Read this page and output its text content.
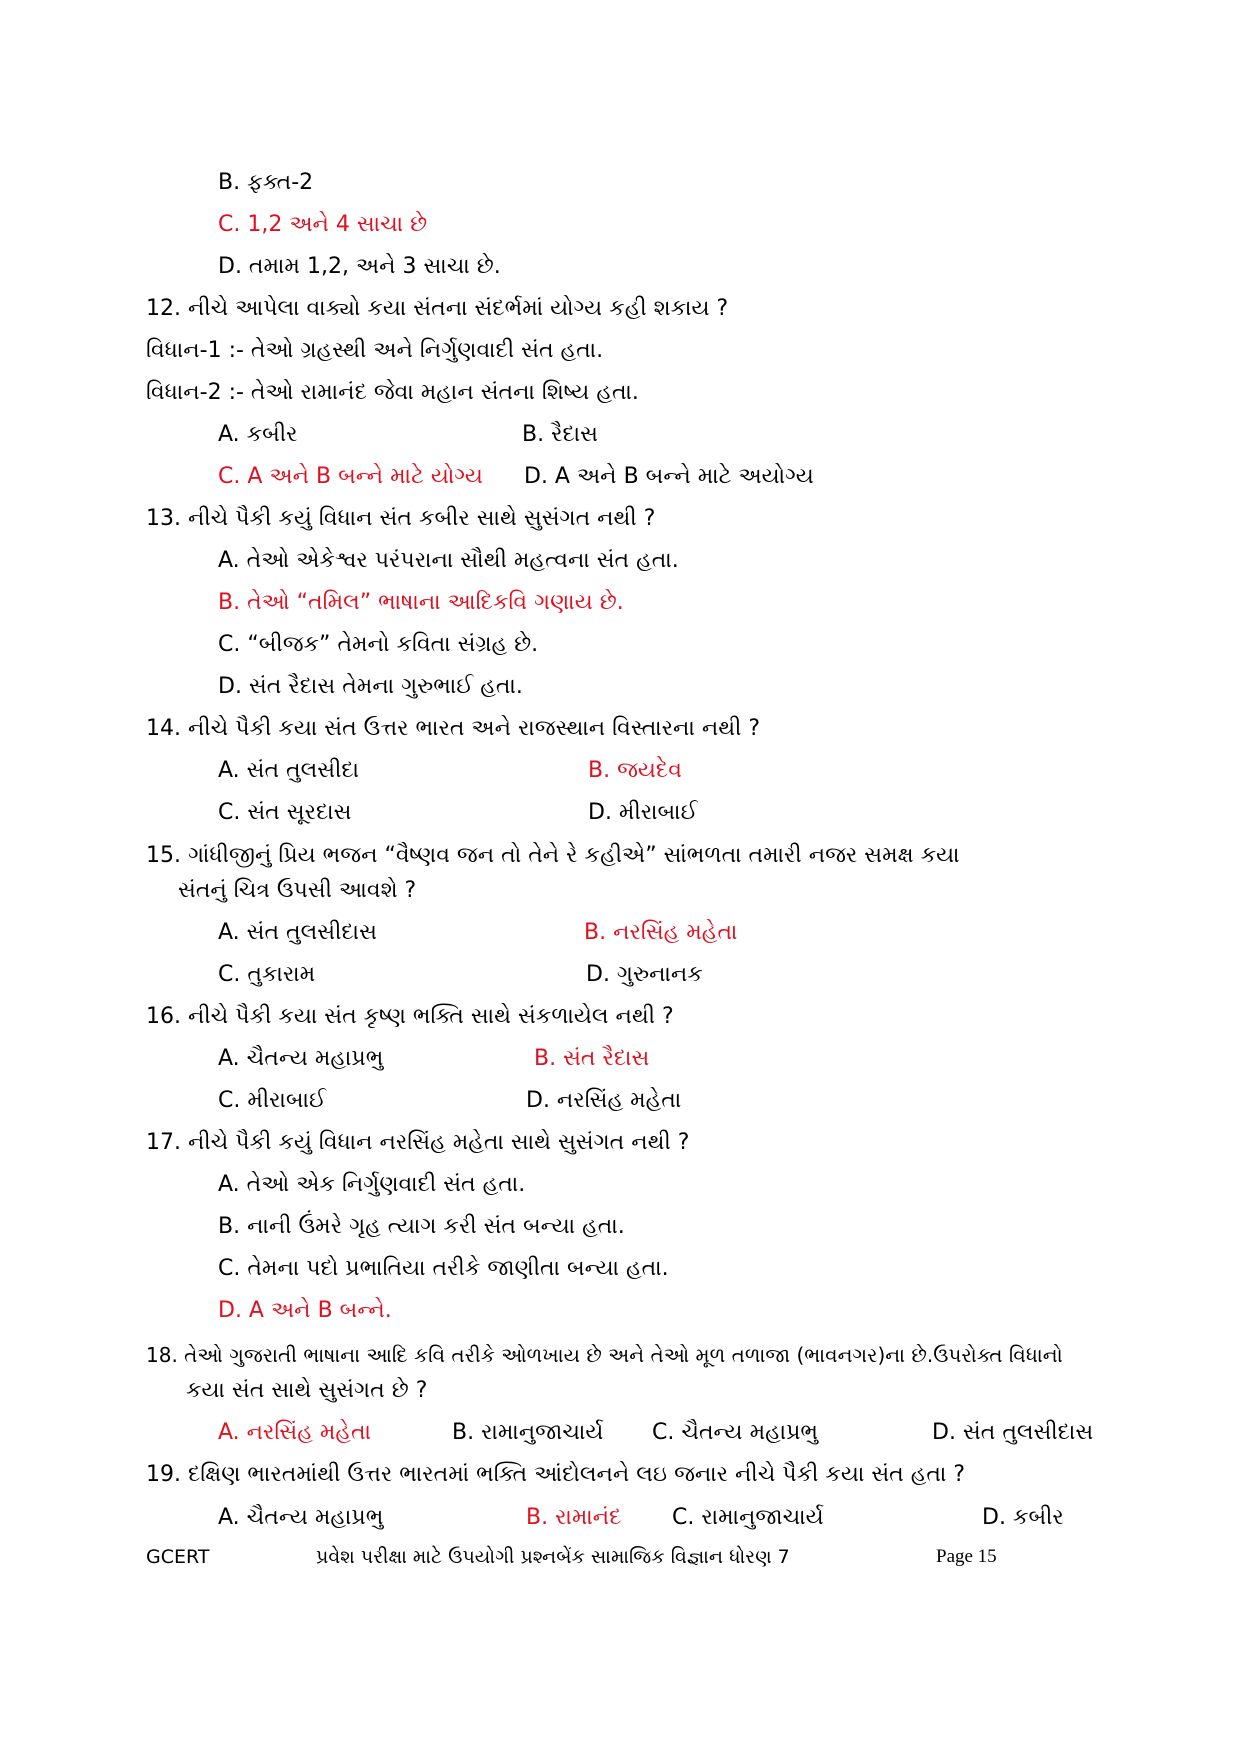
B. ફક્ત-2
C. 1,2 અને 4 સાચા છે
D. તમામ 1,2, અને 3 સાચા છે.
12. નીચે આપેલા વાક્યો કયા સંતના સંદર્ભમાં યોગ્ય કહી શકાય ?
વિધાન-1 :- તેઓ ગ્રહસ્થી અને નિર્ગુણવાદી સંત હતા.
વિધાન-2 :- તેઓ રામાનંદ જેવા મહાન સંતના શિષ્ય હતા.
A. કબીર	B. રૈદાસ
C. A અને B બન્ને માટે યોગ્ય D. A અને B બન્ને માટે અયોગ્ય
13. નીચે પૈકી કયું વિધાન સંત કબીર સાથે સુસંગત નથી ?
A. તેઓ એકેશ્વર પરંપરાના સૌથી મહત્વના સંત હતા.
B. તેઓ “તમિલ” ભાષાના આદિકવિ ગણાય છે.
C. “બીજક” તેમનો કવિતા સંગ્રહ છે.
D. સંત રૈદાસ તેમના ગુરુભાઈ હતા.
14. નીચે પૈકી કયા સંત ઉત્તર ભારત અને રાજસ્થાન વિસ્તારના નથી ?
A. સંત તુલસીદા	B. જયદેવ
C. સંત સૂરદાસ	D. મીરાબાઈ
15. ગાંધીજીનું પ્રિય ભજન “વૈષ્ણવ જન તો તેને રે કહીએ” સાંભળતા તમારી નજર સમક્ષ કયા
સંતનું ચિત્ર ઉપસી આવશે ?
A. સંત તુલસીદાસ	B. નરસિંહ મહેતા
C. તુકારામ	D. ગુરુનાનક
16. નીચે પૈકી કયા સંત કૃષ્ણ ભક્તિ સાથે સંકળાયેલ નથી ?
A. ચૈતન્ય મહાપ્રભુ	B. સંત રૈદાસ
C. મીરાબાઈ	D. નરસિંહ મહેતા
17. નીચે પૈકી કયું વિધાન નરસિંહ મહેતા સાથે સુસંગત નથી ?
A. તેઓ એક નિર્ગુણવાદી સંત હતા.
B. નાની ઉંમરે ગૃહ ત્યાગ કરી સંત બન્યા હતા.
C. તેમના પદો પ્રભાતિયા તરીકે જાણીતા બન્યા હતા.
D. A અને B બન્ને.
18. તેઓ ગુજરાતી ભાષાના આદિ કવિ તરીકે ઓળખાય છે અને તેઓ મૂળ તળાજા (ભાવનગર)ના છે.ઉપરોક્ત વિધાનો
કયા સંત સાથે સુસંગત છે ?
A. નરસિંહ મહેતા	B. રામાનુજાચાર્ય C. ચૈતન્ય મહાપ્રભુ	D. સંત તુલસીદાસ
19. દક્ષિણ ભારતમાંથી ઉત્તર ભારતમાં ભક્તિ આંદોલનને લઇ જનાર નીચે પૈકી કયા સંત હતા ?
A. ચૈતન્ય મહાપ્રભુ	B. રામાનંદ C. રામાનુજાચાર્ય	D. કબીર
GCERT	પ્રવેશ પરીક્ષા માટે ઉપયોગી પ્રશ્નબેંક સામાજિક વિજ્ઞાન ધોરણ 7	Page 15
